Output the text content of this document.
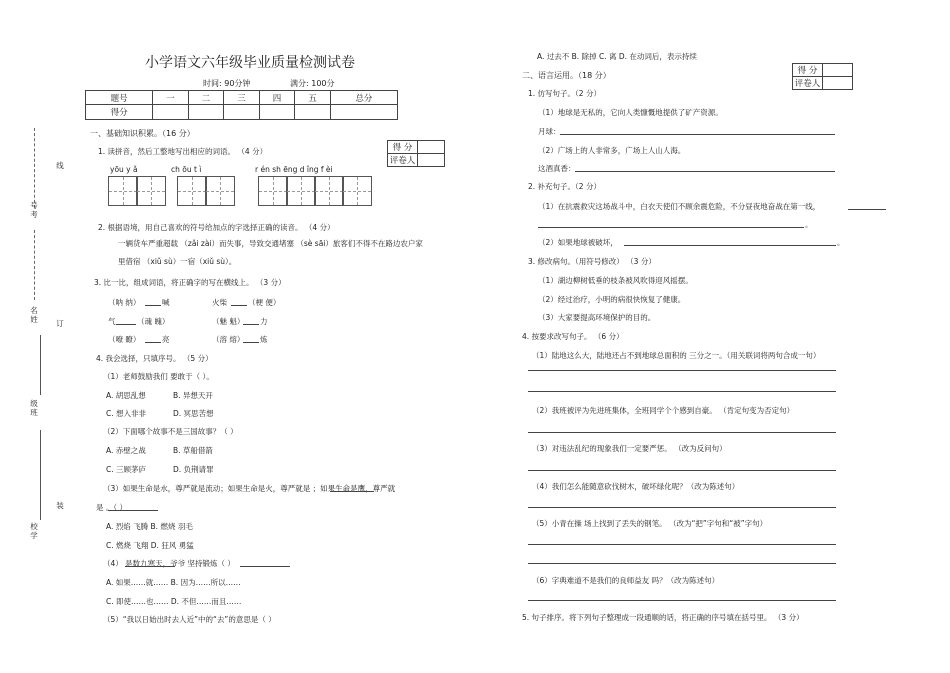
号
考
名
姓
级
班
校
学
线
订
装
小学语文六年级毕业质量检测试卷
时间: 90分钟	满分: 100分
题号	一	二	三	四	五	总分
得分						
得 分	
评卷人	
一、基础知识积累。（16 分）
1. 读拼音，然后工整地写出相应的词语。 （4 分）
yōu y ǎ	ch ōu t ì	r én sh ēng d ǐng f èi
2. 根据语境，用自己喜欢的符号给加点的字选择正确的读音。 （4 分）
一辆货车严重超载 （zǎi zài）而失事，导致交通堵塞 （sè sāi）旅客们不得不在路边农户家
里借宿 （xiǔ sù）一宿（xiǔ sù）。
3. 比一比，组成词语，将正确字的写在横线上。 （3 分）
（呐 纳）	喊	火柴	（梗 便）
气	（魂 魄）	（魅 魁） 力
（嘹 瞭）	亮	（溶 熔） 炼
4. 我会选择，只填序号。 （5 分）
（1）老师鼓励我们 要敢于（ ）。
A. 胡思乱想	B. 异想天开
C. 想入非非	D. 冥思苦想
（2）下面哪个故事不是三国故事？（ ）
A. 赤壁之战	B. 草船借箭
C. 三顾茅庐	D. 负荆请罪
（3）如果生命是水，尊严就是流动；如果生命是火，尊严就是 ；如果生命是鹰，尊严就
是 。（ ）
A. 烈焰 飞腾 B. 燃烧 羽毛
C. 燃烧 飞翔 D. 狂风 勇猛
（4） 是数九寒天，爷爷 坚持锻炼（ ）
A. 如果……就…… B. 因为……所以……
C. 即使……也…… D. 不但……而且……
（5）“我以日始出时去人近”中的“去”的意思是（ ）
A. 过去不 B. 除掉 C. 离 D. 在动词后，表示持续
得 分	
评卷人	
二、语言运用。（18 分）
1. 仿写句子。（2 分）
（1）地球是无私的，它向人类慷慨地提供了矿产资源。
月球：
（2）广场上的人非常多，广场上人山人海。
这酒真香：
2. 补充句子。（2 分）
（1）在抗震救灾这场战斗中，白衣天使们不顾余震危险，不分昼夜地奋战在第一线，
。
（2）如果地球被破坏，	。
3. 修改病句。（用符号修改） （3 分）
（1）湖边柳树低垂的枝条被风吹得迎风摇摆。
（2）经过治疗，小明的病很快恢复了健康。
（3）大家要提高环境保护的目的。
4. 按要求改写句子。 （6 分）
（1）陆地这么大，陆地还占不到地球总面积的 三分之一。（用关联词将两句合成一句）
（2）我班被评为先进班集体，全班同学个个感到自豪。 （肯定句变为否定句）
（3）对违法乱纪的现象我们一定要严惩。 （改为反问句）
（4）我们怎么能随意砍伐树木，破坏绿化呢？（改为陈述句）
（5）小青在操 场上找到了丢失的钢笔。 （改为“把”字句和“被”字句）
（6）字典难道不是我们的良师益友 吗？（改为陈述句）
5. 句子排序。将下列句子整理成一段通顺的话，将正确的序号填在括号里。 （3 分）
